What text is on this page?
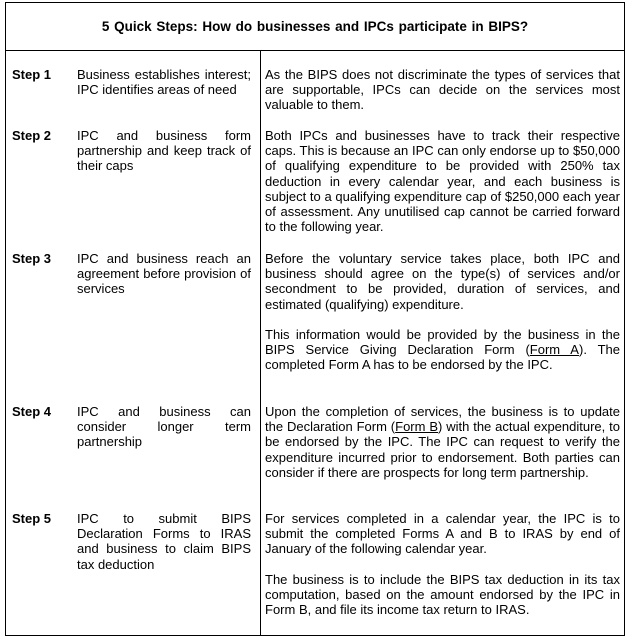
5 Quick Steps: How do businesses and IPCs participate in BIPS?
Step 1 Business establishes interest; IPC identifies areas of need

As the BIPS does not discriminate the types of services that are supportable, IPCs can decide on the services most valuable to them.

Step 2 IPC and business form partnership and keep track of their caps

Both IPCs and businesses have to track their respective caps. This is because an IPC can only endorse up to $50,000 of qualifying expenditure to be provided with 250% tax deduction in every calendar year, and each business is subject to a qualifying expenditure cap of $250,000 each year of assessment. Any unutilised cap cannot be carried forward to the following year.

Step 3 IPC and business reach an agreement before provision of services

Before the voluntary service takes place, both IPC and business should agree on the type(s) of services and/or secondment to be provided, duration of services, and estimated (qualifying) expenditure.

This information would be provided by the business in the BIPS Service Giving Declaration Form (Form A). The completed Form A has to be endorsed by the IPC.

Step 4 IPC and business can consider longer term partnership

Upon the completion of services, the business is to update the Declaration Form (Form B) with the actual expenditure, to be endorsed by the IPC. The IPC can request to verify the expenditure incurred prior to endorsement. Both parties can consider if there are prospects for long term partnership.

Step 5 IPC to submit BIPS Declaration Forms to IRAS and business to claim BIPS tax deduction

For services completed in a calendar year, the IPC is to submit the completed Forms A and B to IRAS by end of January of the following calendar year.

The business is to include the BIPS tax deduction in its tax computation, based on the amount endorsed by the IPC in Form B, and file its income tax return to IRAS.
